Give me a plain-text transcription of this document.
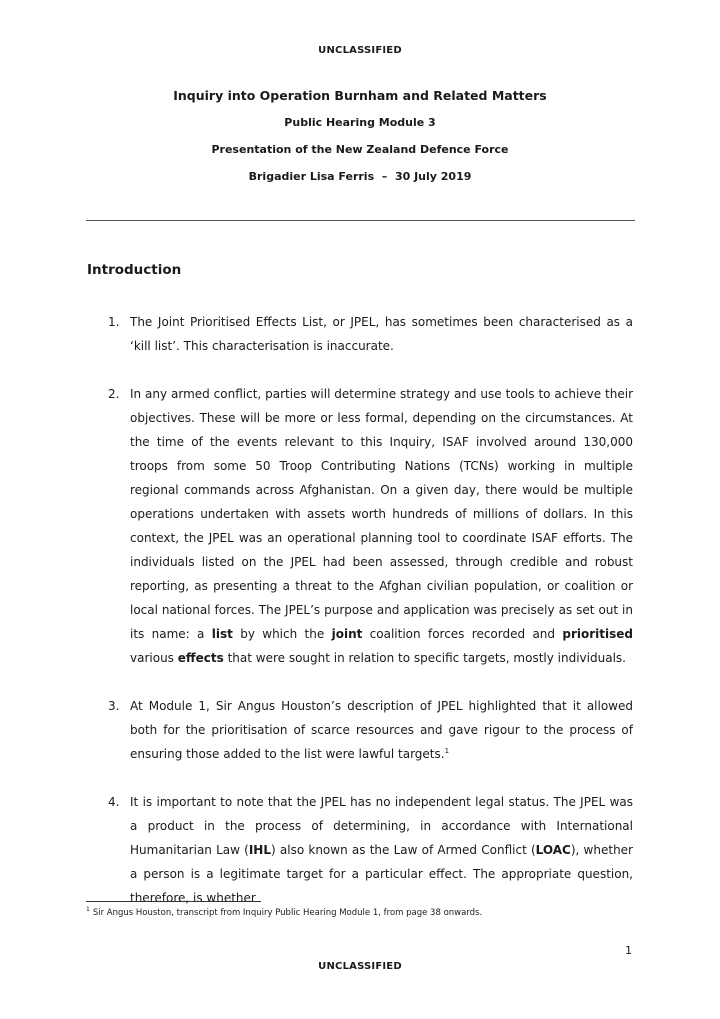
UNCLASSIFIED
Inquiry into Operation Burnham and Related Matters
Public Hearing Module 3
Presentation of the New Zealand Defence Force
Brigadier Lisa Ferris  –  30 July 2019
Introduction
1. The Joint Prioritised Effects List, or JPEL, has sometimes been characterised as a ‘kill list’. This characterisation is inaccurate.

2. In any armed conflict, parties will determine strategy and use tools to achieve their objectives. These will be more or less formal, depending on the circumstances. At the time of the events relevant to this Inquiry, ISAF involved around 130,000 troops from some 50 Troop Contributing Nations (TCNs) working in multiple regional commands across Afghanistan. On a given day, there would be multiple operations undertaken with assets worth hundreds of millions of dollars. In this context, the JPEL was an operational planning tool to coordinate ISAF efforts. The individuals listed on the JPEL had been assessed, through credible and robust reporting, as presenting a threat to the Afghan civilian population, or coalition or local national forces. The JPEL’s purpose and application was precisely as set out in its name: a list by which the joint coalition forces recorded and prioritised various effects that were sought in relation to specific targets, mostly individuals.

3. At Module 1, Sir Angus Houston’s description of JPEL highlighted that it allowed both for the prioritisation of scarce resources and gave rigour to the process of ensuring those added to the list were lawful targets.$^1$

4. It is important to note that the JPEL has no independent legal status. The JPEL was a product in the process of determining, in accordance with International Humanitarian Law (IHL) also known as the Law of Armed Conflict (LOAC), whether a person is a legitimate target for a particular effect. The appropriate question, therefore, is whether

$^1$ Sir Angus Houston, transcript from Inquiry Public Hearing Module 1, from page 38 onwards.
1
UNCLASSIFIED
